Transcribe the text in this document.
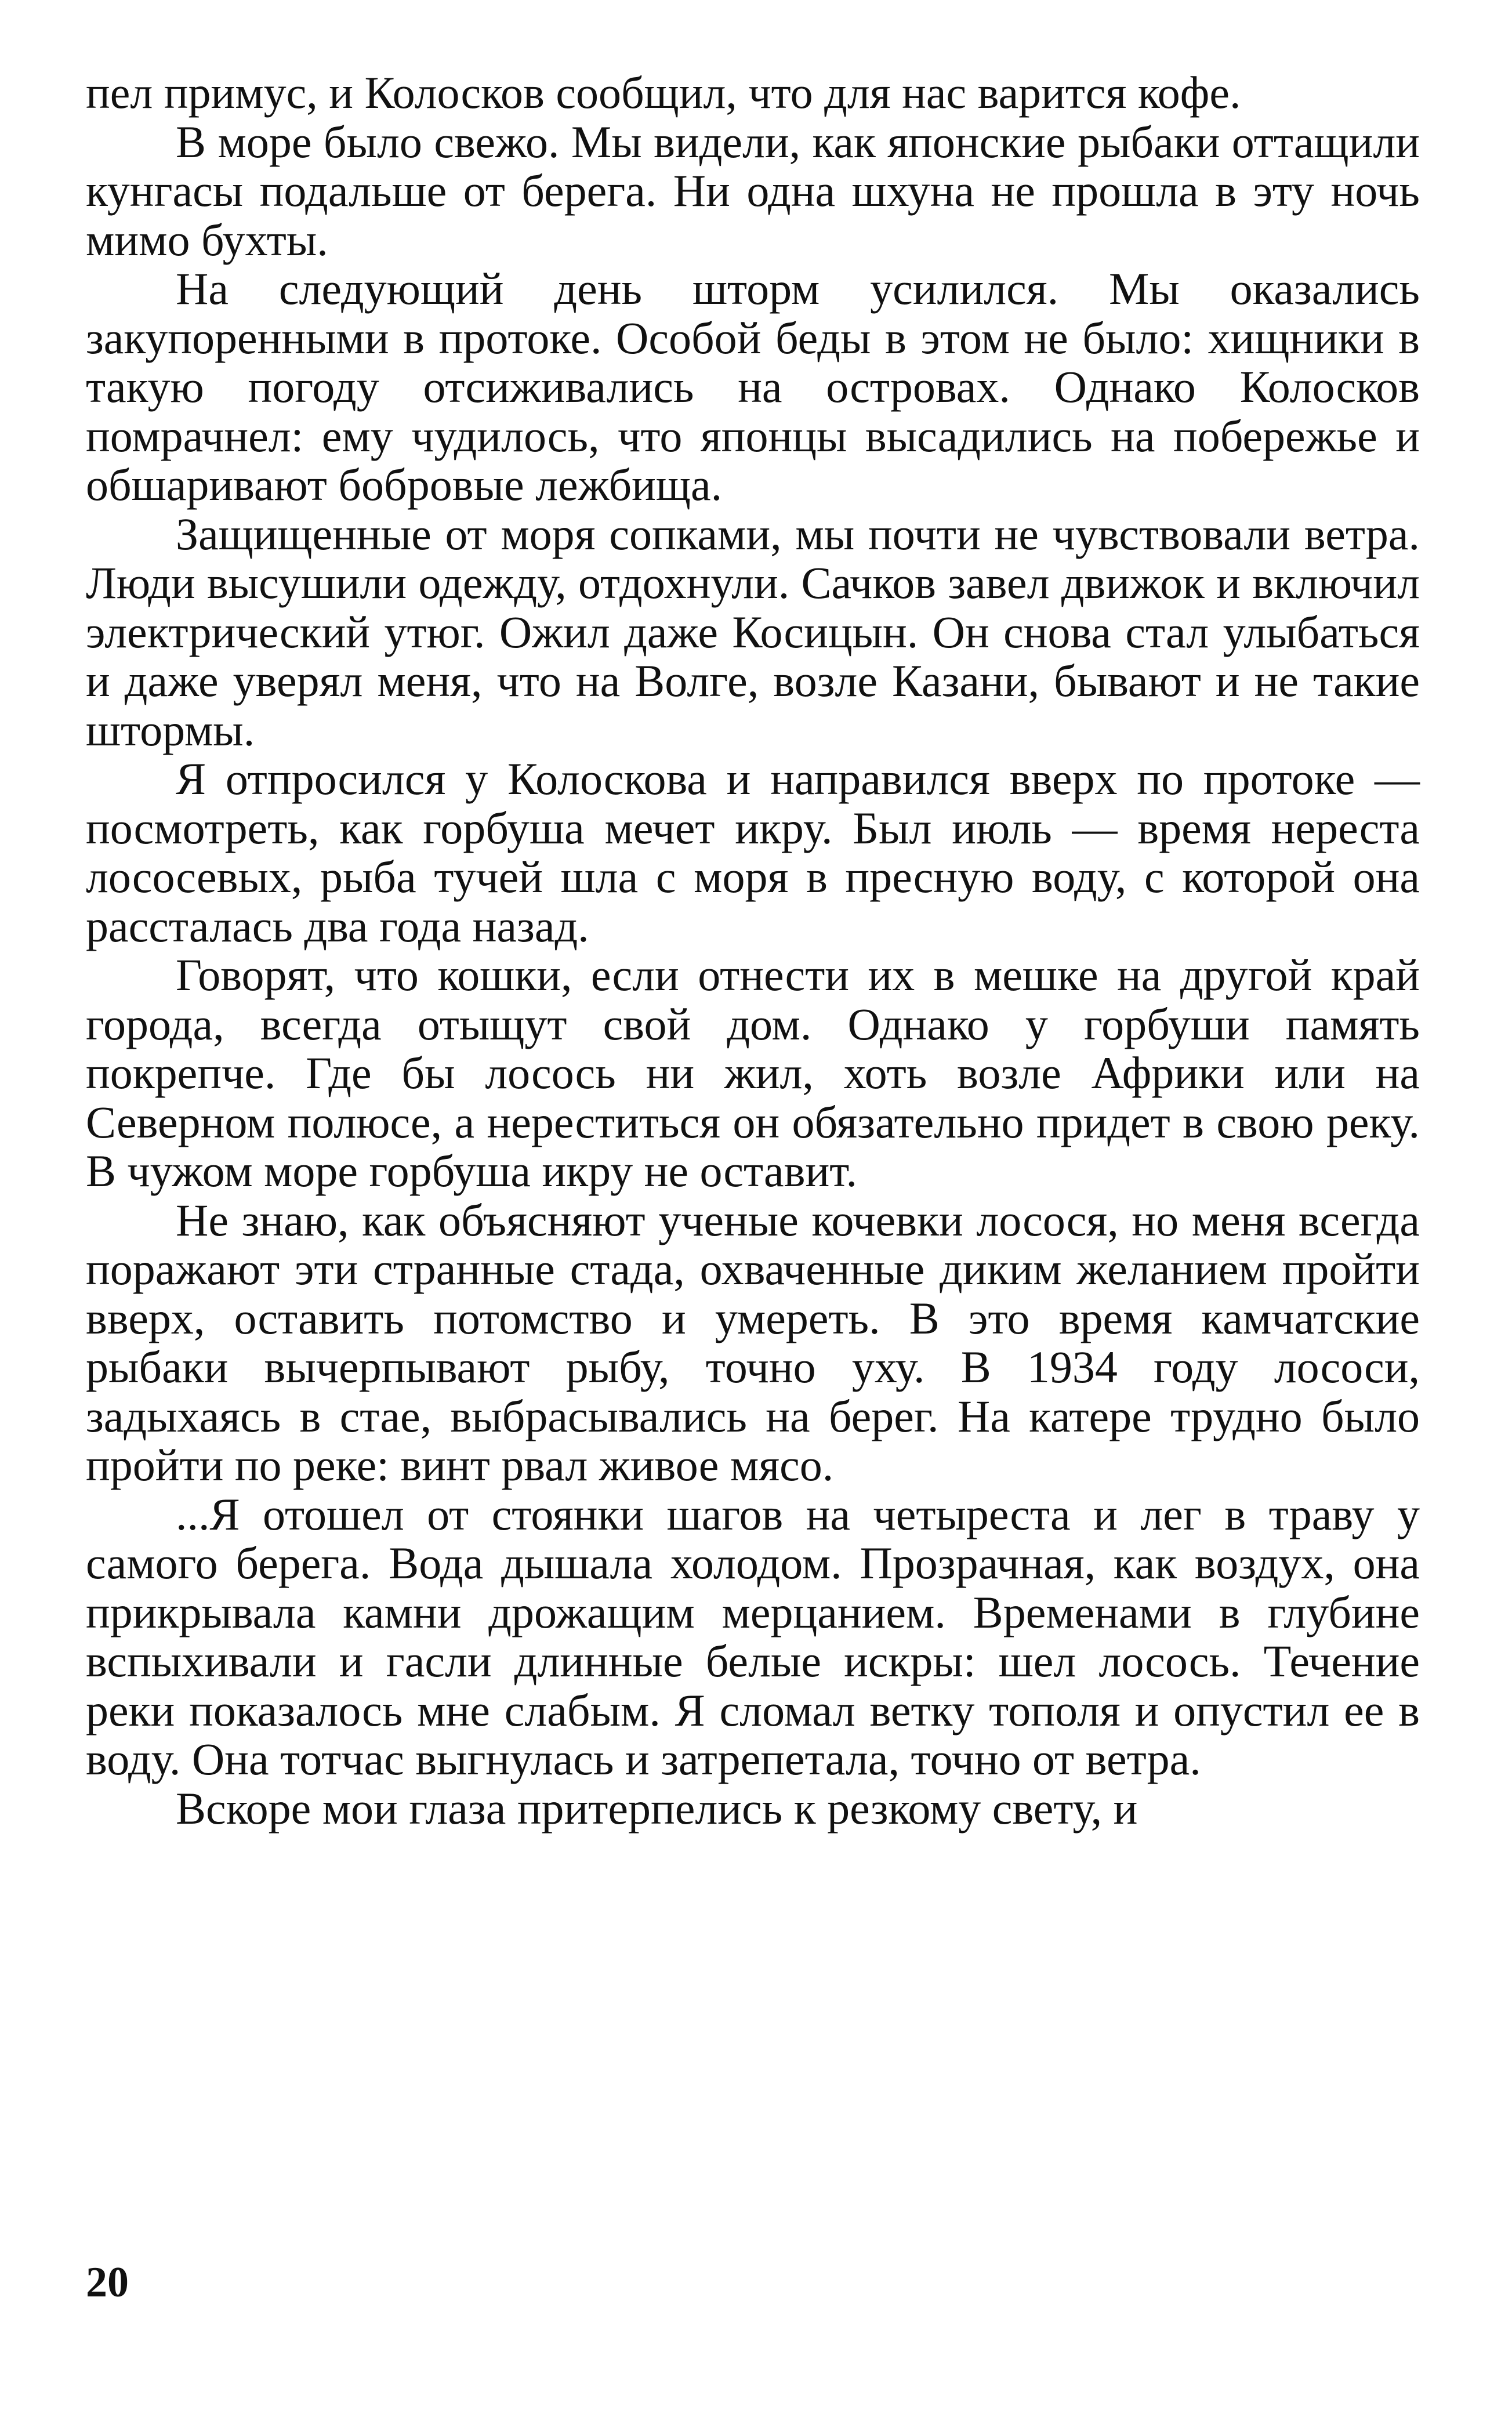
пел примус, и Колосков сообщил, что для нас варится кофе.

В море было свежо. Мы видели, как японские рыбаки оттащили кунгасы подальше от берега. Ни одна шхуна не прошла в эту ночь мимо бухты.

На следующий день шторм усилился. Мы оказались закупоренными в протоке. Особой беды в этом не было: хищники в такую погоду отсиживались на островах. Однако Колосков помрачнел: ему чудилось, что японцы высадились на побережье и обшаривают бобровые лежбища.

Защищенные от моря сопками, мы почти не чувствовали ветра. Люди высушили одежду, отдохнули. Сачков завел движок и включил электрический утюг. Ожил даже Косицын. Он снова стал улыбаться и даже уверял меня, что на Волге, возле Казани, бывают и не такие штормы.

Я отпросился у Колоскова и направился вверх по протоке — посмотреть, как горбуша мечет икру. Был июль — время нереста лососевых, рыба тучей шла с моря в пресную воду, с которой она рассталась два года назад.

Говорят, что кошки, если отнести их в мешке на другой край города, всегда отыщут свой дом. Однако у горбуши память покрепче. Где бы лосось ни жил, хоть возле Африки или на Северном полюсе, а нереститься он обязательно придет в свою реку. В чужом море горбуша икру не оставит.

Не знаю, как объясняют ученые кочевки лосося, но меня всегда поражают эти странные стада, охваченные диким желанием пройти вверх, оставить потомство и умереть. В это время камчатские рыбаки вычерпывают рыбу, точно уху. В 1934 году лососи, задыхаясь в стае, выбрасывались на берег. На катере трудно было пройти по реке: винт рвал живое мясо.

...Я отошел от стоянки шагов на четыреста и лег в траву у самого берега. Вода дышала холодом. Прозрачная, как воздух, она прикрывала камни дрожащим мерцанием. Временами в глубине вспыхивали и гасли длинные белые искры: шел лосось. Течение реки показалось мне слабым. Я сломал ветку тополя и опустил ее в воду. Она тотчас выгнулась и затрепетала, точно от ветра.

Вскоре мои глаза притерпелись к резкому свету, и

20
